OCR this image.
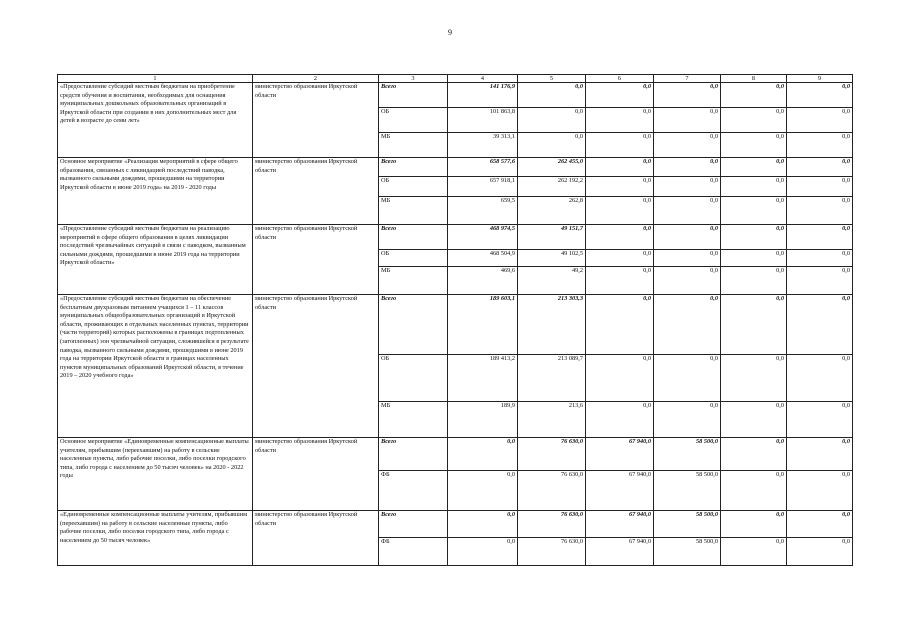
9
1	2	3	4	5	6	7	8	9
«Предоставление субсидий местным бюджетам на приобретение средств обучения и воспитания, необходимых для оснащения муниципальных дошкольных образовательных организаций в Иркутской области при создании в них дополнительных мест для детей в возрасте до семи лет»	министерство образования Иркутской области	Всего	141 176,9	0,0	0,0	0,0	0,0	0,0
		ОБ	101 863,8	0,0	0,0	0,0	0,0	0,0
		МБ	39 313,1	0,0	0,0	0,0	0,0	0,0
Основное мероприятие «Реализация мероприятий в сфере общего образования, связанных с ликвидацией последствий паводка, вызванного сильными дождями, прошедшими на территории Иркутской области в июне 2019 года» на 2019 - 2020 годы	министерство образования Иркутской области	Всего	658 577,6	262 455,0	0,0	0,0	0,0	0,0
		ОБ	657 918,1	262 192,2	0,0	0,0	0,0	0,0
		МБ	659,5	262,8	0,0	0,0	0,0	0,0
«Предоставление субсидий местным бюджетам на реализацию мероприятий в сфере общего образования в целях ликвидации последствий чрезвычайных ситуаций в связи с паводком, вызванным сильными дождями, прошедшими в июне 2019 года на территории Иркутской области»	министерство образования Иркутской области	Всего	468 974,5	49 151,7	0,0	0,0	0,0	0,0
		ОБ	468 504,9	49 102,5	0,0	0,0	0,0	0,0
		МБ	469,6	49,2	0,0	0,0	0,0	0,0
«Предоставление субсидий местным бюджетам на обеспечение бесплатным двухразовым питанием учащихся 1 – 11 классов муниципальных общеобразовательных организаций в Иркутской области, проживающих в отдельных населенных пунктах, территории (части территорий) которых расположены в границах подтопленных (затопленных) зон чрезвычайной ситуации, сложившейся в результате паводка, вызванного сильными дождями, прошедшими в июне 2019 года на территории Иркутской области в границах населенных пунктов муниципальных образований Иркутской области, в течение 2019 – 2020 учебного года»	министерство образования Иркутской области	Всего	189 603,1	213 303,3	0,0	0,0	0,0	0,0
		ОБ	189 413,2	213 089,7	0,0	0,0	0,0	0,0
		МБ	189,9	213,6	0,0	0,0	0,0	0,0
Основное мероприятие «Единовременные компенсационные выплаты учителям, прибывшим (переехавшим) на работу в сельские населенные пункты, либо рабочие поселки, либо поселки городского типа, либо города с населением до 50 тысяч человек» на 2020 - 2022 годы	министерство образования Иркутской области	Всего	0,0	76 630,0	67 940,0	58 500,0	0,0	0,0
		ФБ	0,0	76 630,0	67 940,0	58 500,0	0,0	0,0
«Единовременные компенсационные выплаты учителям, прибывшим (переехавшим) на работу в сельские населенные пункты, либо рабочие поселки, либо поселки городского типа, либо города с населением до 50 тысяч человек»	министерство образования Иркутской области	Всего	0,0	76 630,0	67 940,0	58 500,0	0,0	0,0
		ФБ	0,0	76 630,0	67 940,0	58 500,0	0,0	0,0
